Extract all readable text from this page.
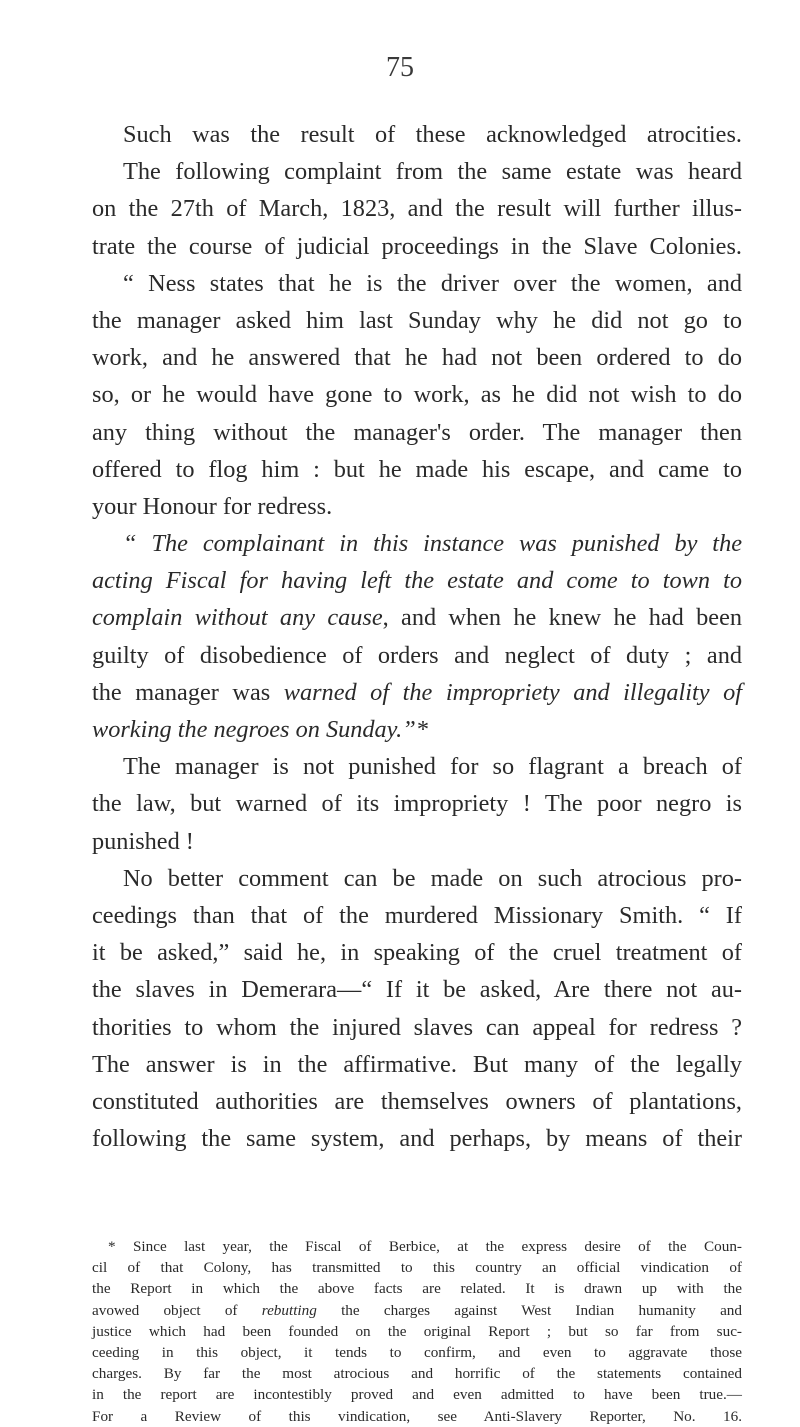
75
Such was the result of these acknowledged atrocities.
The following complaint from the same estate was heard
on the 27th of March, 1823, and the result will further illus-
trate the course of judicial proceedings in the Slave Colonies.
“ Ness states that he is the driver over the women, and
the manager asked him last Sunday why he did not go to
work, and he answered that he had not been ordered to do
so, or he would have gone to work, as he did not wish to do
any thing without the manager's order. The manager then
offered to flog him : but he made his escape, and came to
your Honour for redress.
“ The complainant in this instance was punished by the
acting Fiscal for having left the estate and come to town to
complain without any cause, and when he knew he had been
guilty of disobedience of orders and neglect of duty ; and
the manager was warned of the impropriety and illegality of
working the negroes on Sunday.”*
The manager is not punished for so flagrant a breach of
the law, but warned of its impropriety ! The poor negro is
punished !
No better comment can be made on such atrocious pro-
ceedings than that of the murdered Missionary Smith. “ If
it be asked,” said he, in speaking of the cruel treatment of
the slaves in Demerara—“ If it be asked, Are there not au-
thorities to whom the injured slaves can appeal for redress ?
The answer is in the affirmative. But many of the legally
constituted authorities are themselves owners of plantations,
following the same system, and perhaps, by means of their
* Since last year, the Fiscal of Berbice, at the express desire of the Coun-
cil of that Colony, has transmitted to this country an official vindication of
the Report in which the above facts are related. It is drawn up with the
avowed object of rebutting the charges against West Indian humanity and
justice which had been founded on the original Report ; but so far from suc-
ceeding in this object, it tends to confirm, and even to aggravate those
charges. By far the most atrocious and horrific of the statements contained
in the report are incontestibly proved and even admitted to have been true.—
For a Review of this vindication, see Anti-Slavery Reporter, No. 16.
